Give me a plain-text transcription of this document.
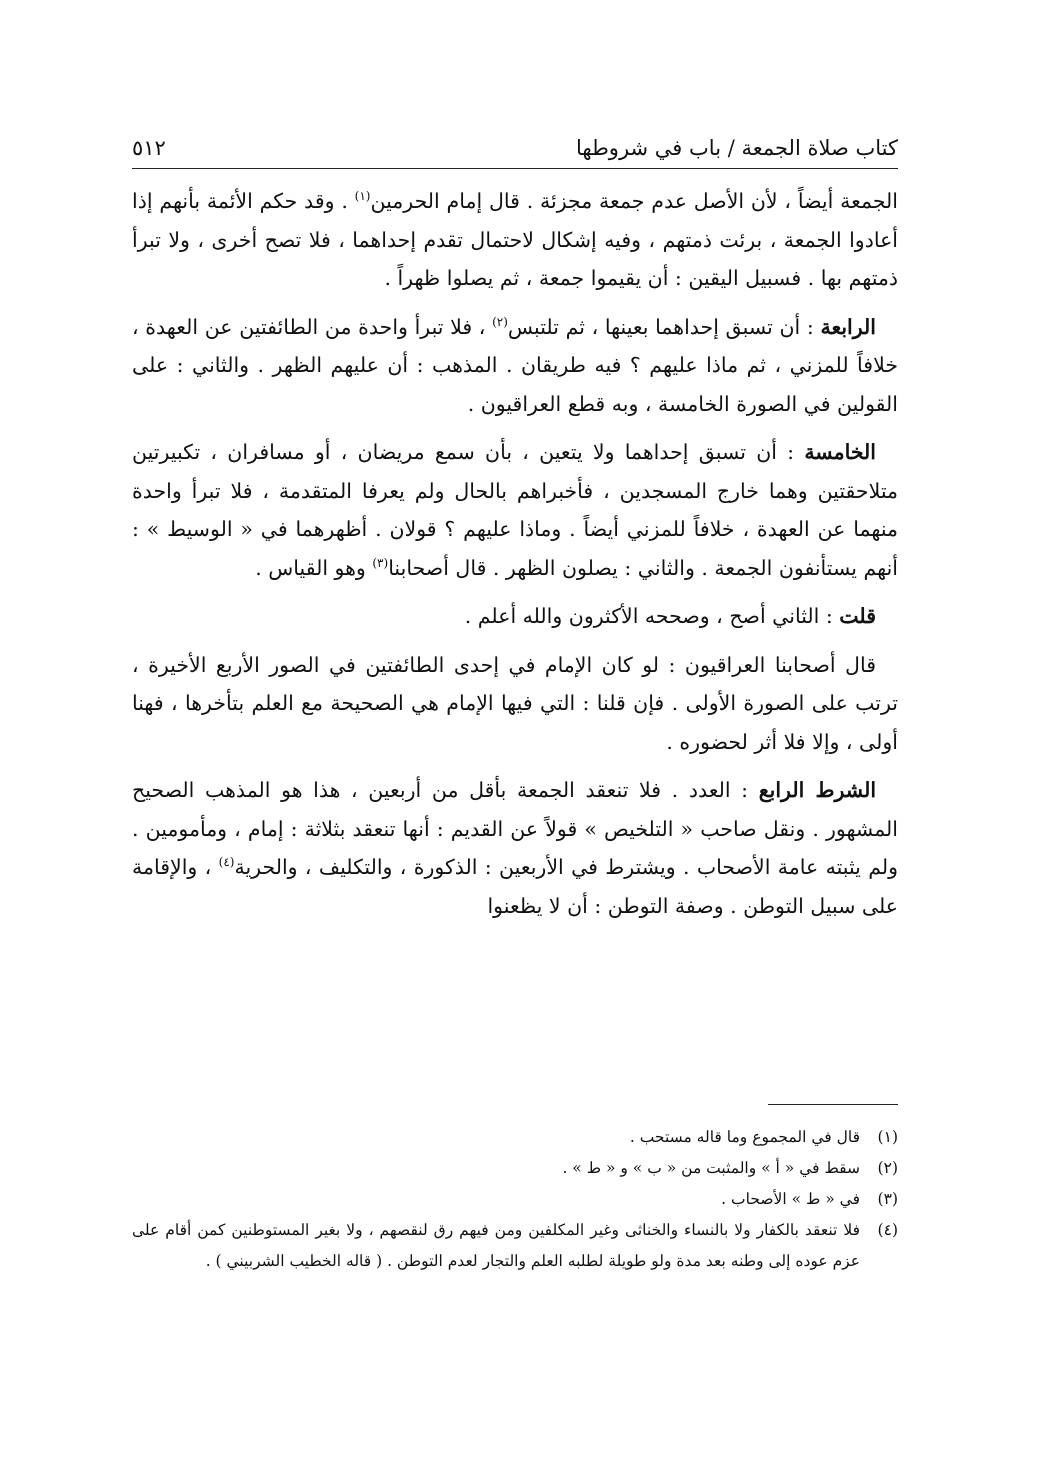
كتاب صلاة الجمعة / باب في شروطها
٥١٢

الجمعة أيضاً ، لأن الأصل عدم جمعة مجزئة . قال إمام الحرمين$^{(١)}$ . وقد حكم الأئمة بأنهم إذا أعادوا الجمعة ، برئت ذمتهم ، وفيه إشكال لاحتمال تقدم إحداهما ، فلا تصح أخرى ، ولا تبرأ ذمتهم بها . فسبيل اليقين : أن يقيموا جمعة ، ثم يصلوا ظهراً .

الرابعة : أن تسبق إحداهما بعينها ، ثم تلتبس$^{(٢)}$ ، فلا تبرأ واحدة من الطائفتين عن العهدة ، خلافاً للمزني ، ثم ماذا عليهم ؟ فيه طريقان . المذهب : أن عليهم الظهر . والثاني : على القولين في الصورة الخامسة ، وبه قطع العراقيون .

الخامسة : أن تسبق إحداهما ولا يتعين ، بأن سمع مريضان ، أو مسافران ، تكبيرتين متلاحقتين وهما خارج المسجدين ، فأخبراهم بالحال ولم يعرفا المتقدمة ، فلا تبرأ واحدة منهما عن العهدة ، خلافاً للمزني أيضاً . وماذا عليهم ؟ قولان . أظهرهما في « الوسيط » : أنهم يستأنفون الجمعة . والثاني : يصلون الظهر . قال أصحابنا$^{(٣)}$ وهو القياس .

قلت : الثاني أصح ، وصححه الأكثرون والله أعلم .

قال أصحابنا العراقيون : لو كان الإمام في إحدى الطائفتين في الصور الأربع الأخيرة ، ترتب على الصورة الأولى . فإن قلنا : التي فيها الإمام هي الصحيحة مع العلم بتأخرها ، فهنا أولى ، وإلا فلا أثر لحضوره .

الشرط الرابع : العدد . فلا تنعقد الجمعة بأقل من أربعين ، هذا هو المذهب الصحيح المشهور . ونقل صاحب « التلخيص » قولاً عن القديم : أنها تنعقد بثلاثة : إمام ، ومأمومين . ولم يثبته عامة الأصحاب . ويشترط في الأربعين : الذكورة ، والتكليف ، والحرية$^{(٤)}$ ، والإقامة على سبيل التوطن . وصفة التوطن : أن لا يظعنوا

(١)
قال في المجموع وما قاله مستحب .
(٢)
سقط في « أ » والمثبت من « ب » و « ط » .
(٣)
في « ط » الأصحاب .
(٤)
فلا تنعقد بالكفار ولا بالنساء والخناثى وغير المكلفين ومن فيهم رق لنقصهم ، ولا بغير المستوطنين كمن أقام على عزم عوده إلى وطنه بعد مدة ولو طويلة لطلبه العلم والتجار لعدم التوطن . ( قاله الخطيب الشربيني ) .
